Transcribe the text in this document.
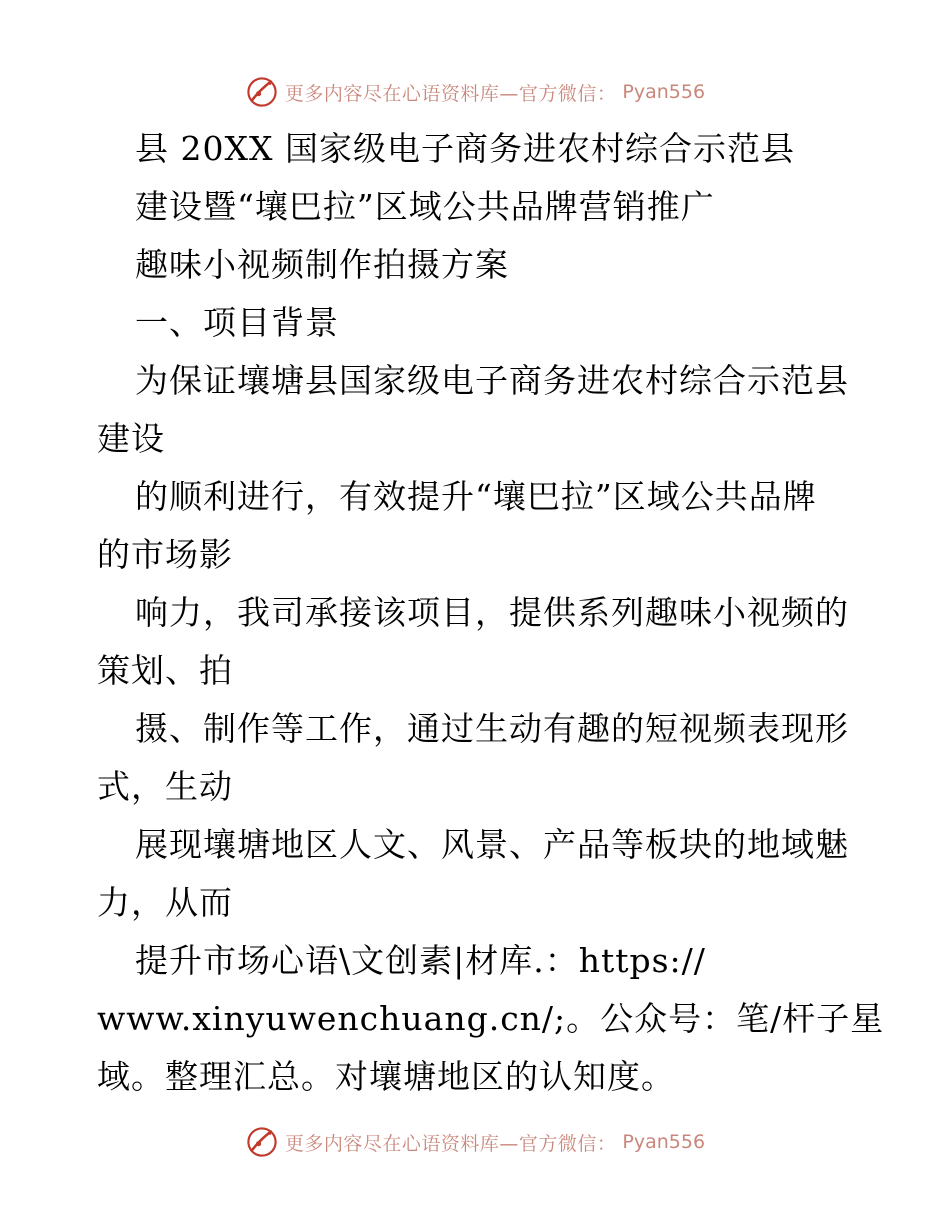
更多内容尽在心语资料库—官方微信： Pyan556
县 20XX 国家级电子商务进农村综合示范县
建设暨“壤巴拉”区域公共品牌营销推广
趣味小视频制作拍摄方案
一、项目背景
为保证壤塘县国家级电子商务进农村综合示范县
建设
的顺利进行，有效提升“壤巴拉”区域公共品牌
的市场影
响力，我司承接该项目，提供系列趣味小视频的
策划、拍
摄、制作等工作，通过生动有趣的短视频表现形
式，生动
展现壤塘地区人文、风景、产品等板块的地域魅
力，从而
提升市场心语\文创素|材库.：https://
www.xinyuwenchuang.cn/;。公众号：笔/杆子星
域。整理汇总。对壤塘地区的认知度。
更多内容尽在心语资料库—官方微信： Pyan556
